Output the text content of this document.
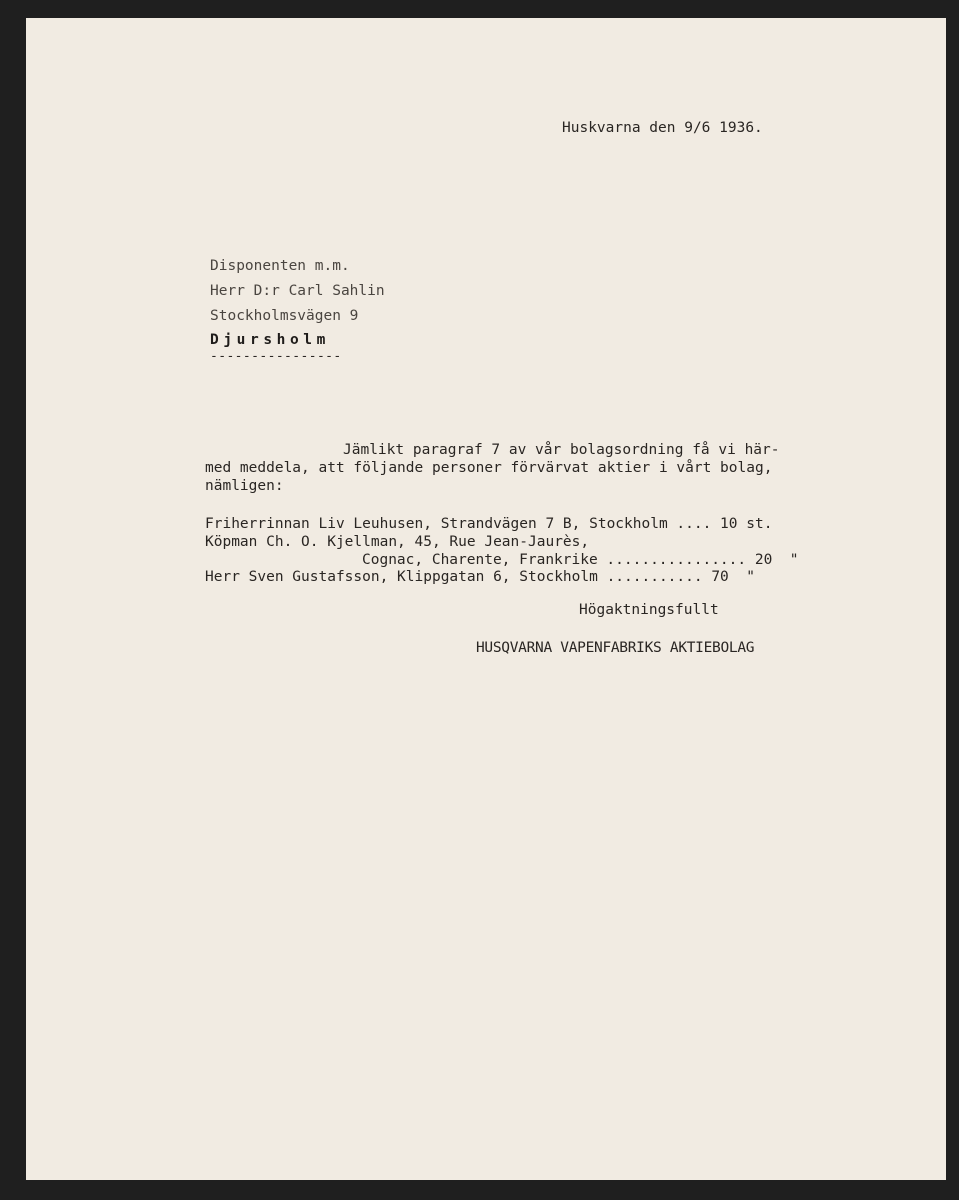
Huskvarna den 9/6 1936.
Disponenten m.m.
Herr D:r Carl Sahlin
Stockholmsvägen 9
Djursholm
----------------
Jämlikt paragraf 7 av vår bolagsordning få vi här-
med meddela, att följande personer förvärvat aktier i vårt bolag,
nämligen:
Friherrinnan Liv Leuhusen, Strandvägen 7 B, Stockholm .... 10 st.
Köpman Ch. O. Kjellman, 45, Rue Jean-Jaurès,
Cognac, Charente, Frankrike ................ 20  "
Herr Sven Gustafsson, Klippgatan 6, Stockholm ........... 70  "
Högaktningsfullt
HUSQVARNA VAPENFABRIKS AKTIEBOLAG
